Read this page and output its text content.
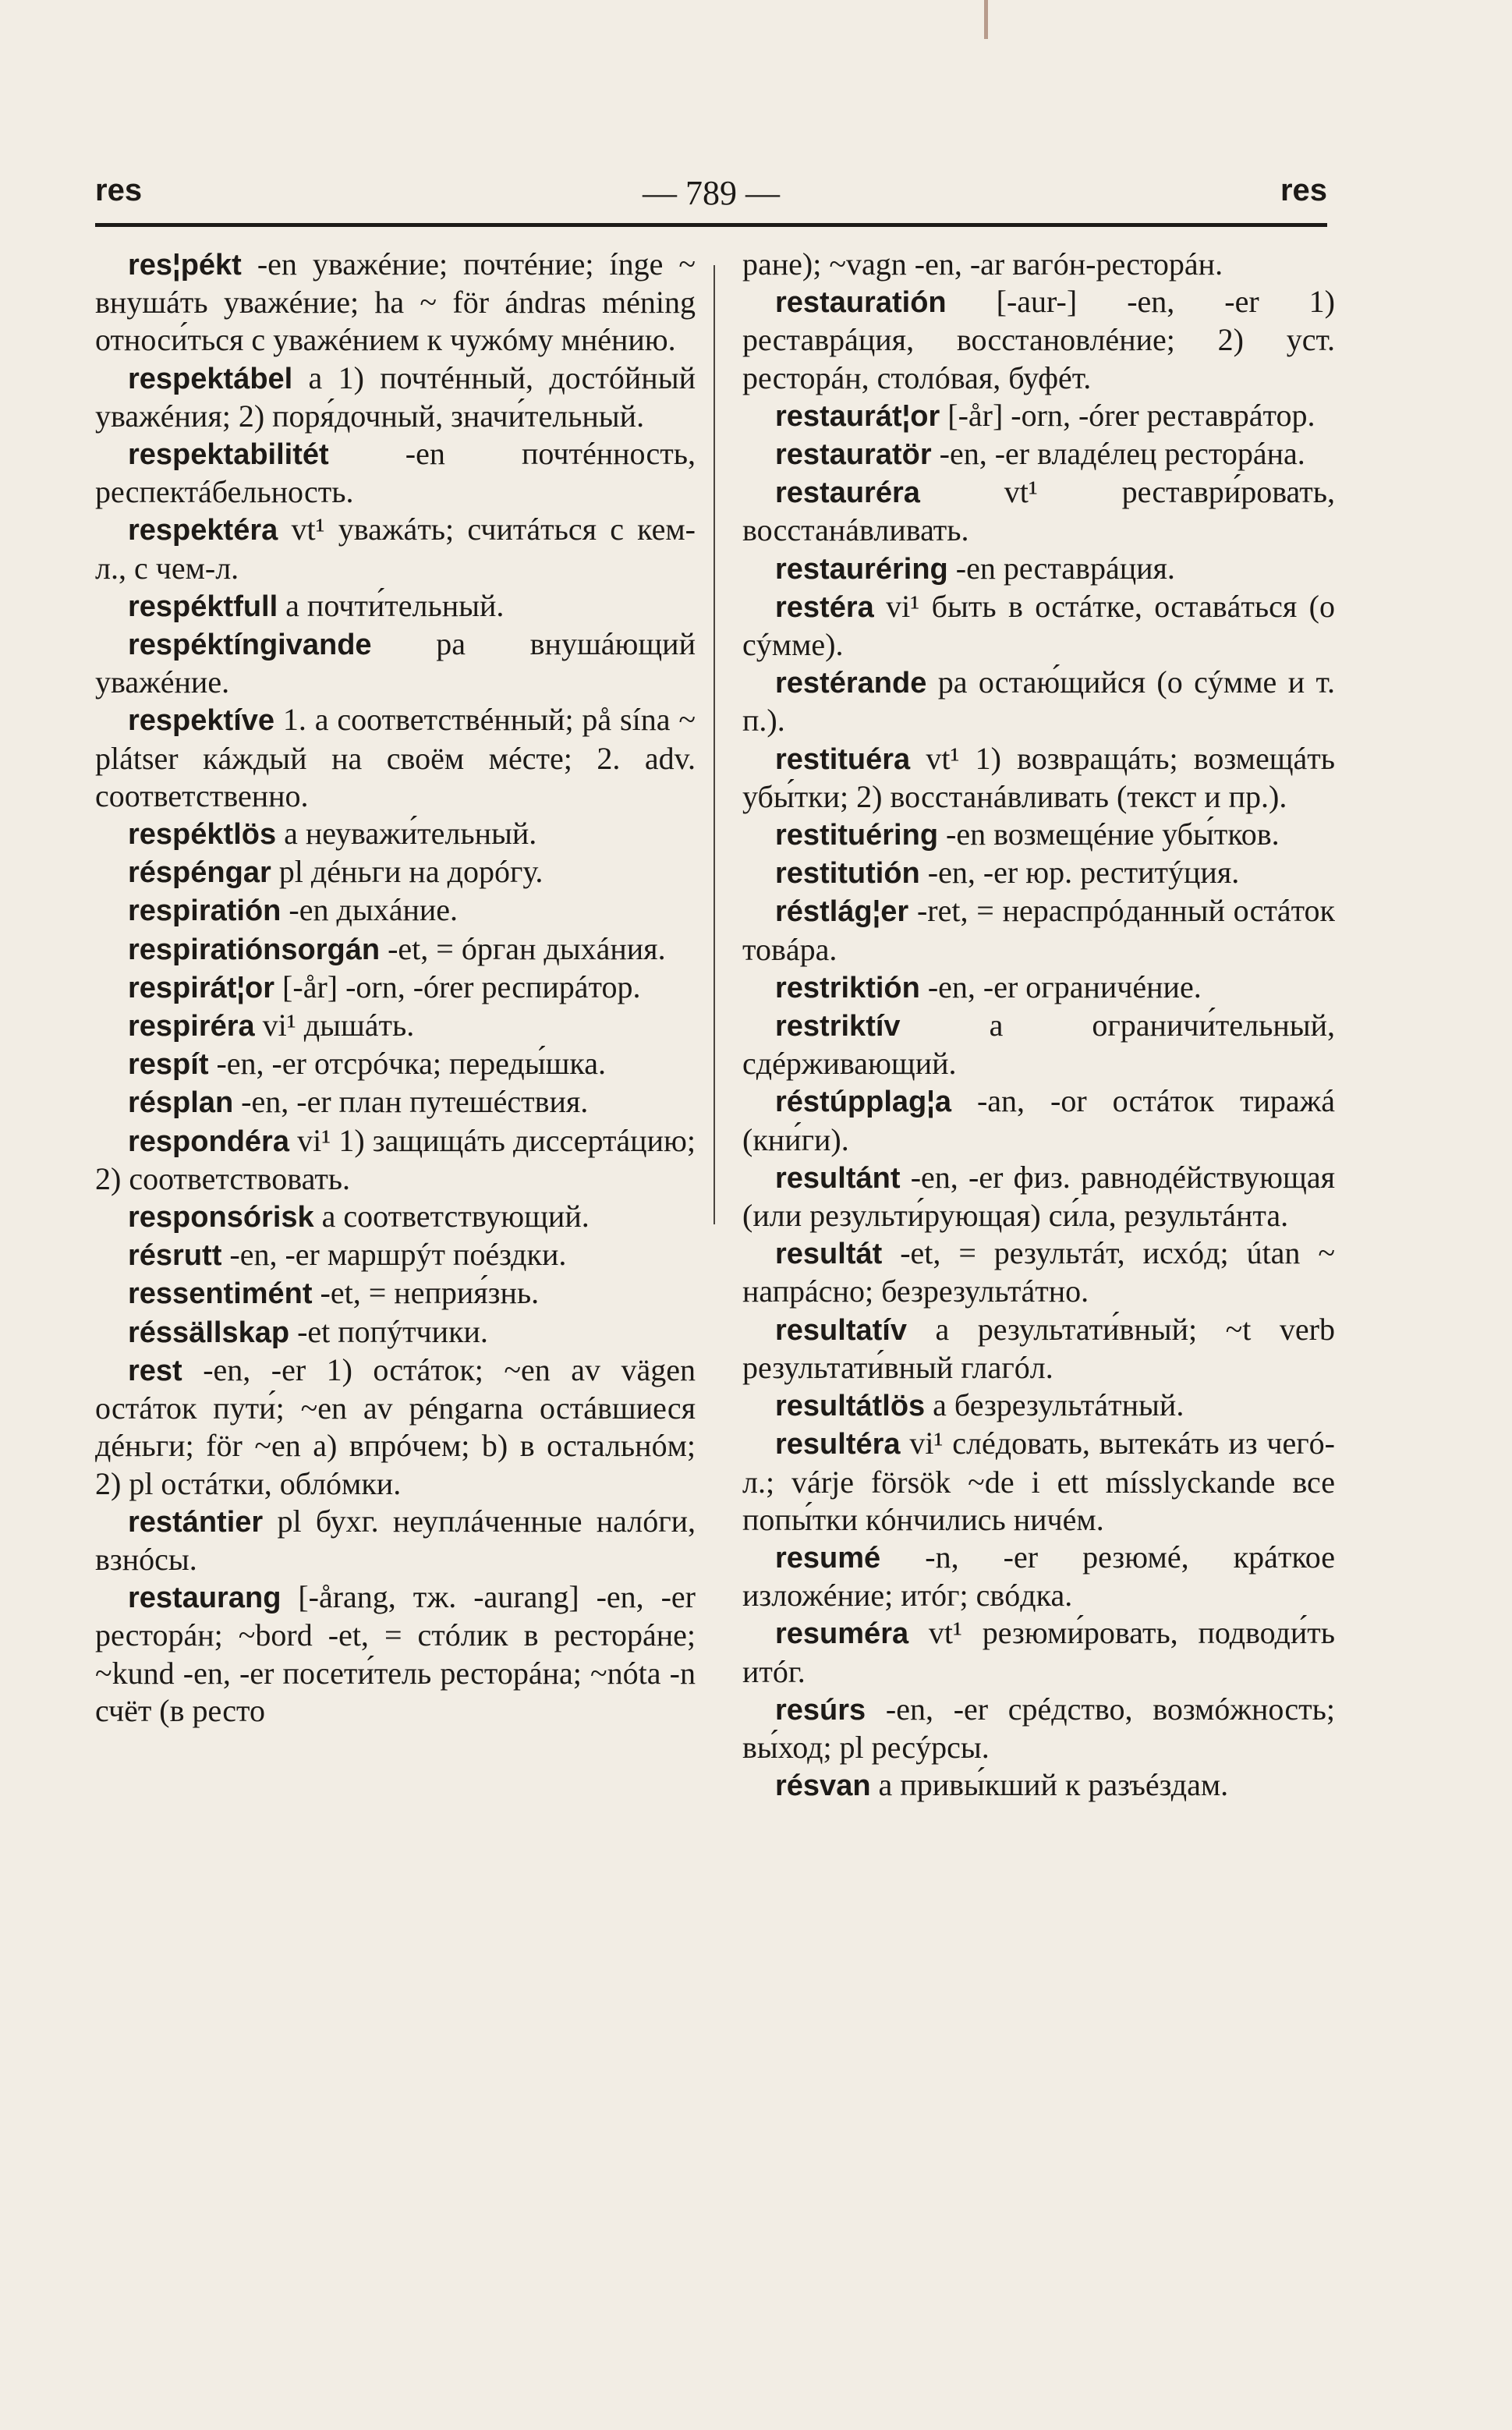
res	— 789 —	res

res¦pékt -en уважéние; почтéние; ínge ~ внушáть уважéние; ha ~ för ándras méning относи́ться с уважéнием к чужóму мнéнию.

respektábel a 1) почтéнный, достóйный уважéния; 2) поря́дочный, значи́тельный.

respektabilitét -en почтéнность, респектáбельность.

respektéra vt¹ уважáть; считáться с кем-л., с чем-л.

respéktfull a почти́тельный.

respéktíngivande pa внушáющий уважéние.

respektíve 1. a соответствéнный; på sína ~ plátser кáждый на своём мéсте; 2. adv. соответственно.

respéktlös a неуважи́тельный.

réspéngar pl дéньги на дорóгу.

respiratión -en дыхáние.

respiratiónsorgán -et, = óрган дыхáния.

respirát¦or [-år] -orn, -órer респирáтор.

respiréra vi¹ дышáть.

respít -en, -er отсрóчка; переды́шка.

résplan -en, -er план путешéствия.

respondéra vi¹ 1) защищáть диссертáцию; 2) соответствовать.

responsórisk a соответствующий.

résrutt -en, -er маршрýт поéздки.

ressentimént -et, = неприя́знь.

réssällskap -et попýтчики.

rest -en, -er 1) остáток; ~en av vägen остáток пути́; ~en av péngarna остáвшиеся дéньги; för ~en a) впрóчем; b) в остальнóм; 2) pl остáтки, облóмки.

restántier pl бухг. неуплáченные налóги, взнóсы.

restaurang [-årang, тж. -aurang] -en, -er ресторáн; ~bord -et, = стóлик в ресторáне; ~kund -en, -er посети́тель ресторáна; ~nóta -n счёт (в ресто

ране); ~vagn -en, -ar вагóн-ресторáн.

restauratión [-aur-] -en, -er 1) реставрáция, восстановлéние; 2) уст. ресторáн, столóвая, буфéт.

restaurát¦or [-år] -orn, -órer реставрáтор.

restauratör -en, -er владéлец ресторáна.

restauréra vt¹ реставри́ровать, восстанáвливать.

restauréring -en реставрáция.

restéra vi¹ быть в остáтке, оставáться (о сýмме).

restérande pa остаю́щийся (о сýмме и т. п.).

restituéra vt¹ 1) возвращáть; возмещáть убы́тки; 2) восстанáвливать (текст и пр.).

restituéring -en возмещéние убы́тков.

restitutión -en, -er юр. реститýция.

réstlág¦er -ret, = нераспрóданный остáток товáра.

restriktión -en, -er ограничéние.

restriktív a ограничи́тельный, сдéрживающий.

réstúpplag¦a -an, -or остáток тиражá (кни́ги).

resultánt -en, -er физ. равнодéйствующая (или результи́рующая) си́ла, результáнта.

resultát -et, = результáт, исхóд; útan ~ напрáсно; безрезультáтно.

resultatív a результати́вный; ~t verb результати́вный глагóл.

resultátlös a безрезультáтный.

resultéra vi¹ слéдовать, вытекáть из чегó-л.; várje försök ~de i ett mísslyckande все попы́тки кóнчились ничéм.

resumé -n, -er резюмé, крáткое изложéние; итóг; свóдка.

resuméra vt¹ резюми́ровать, подводи́ть итóг.

resúrs -en, -er срéдство, возмóжность; вы́ход; pl ресýрсы.

résvan a привы́кший к разъéздам.
